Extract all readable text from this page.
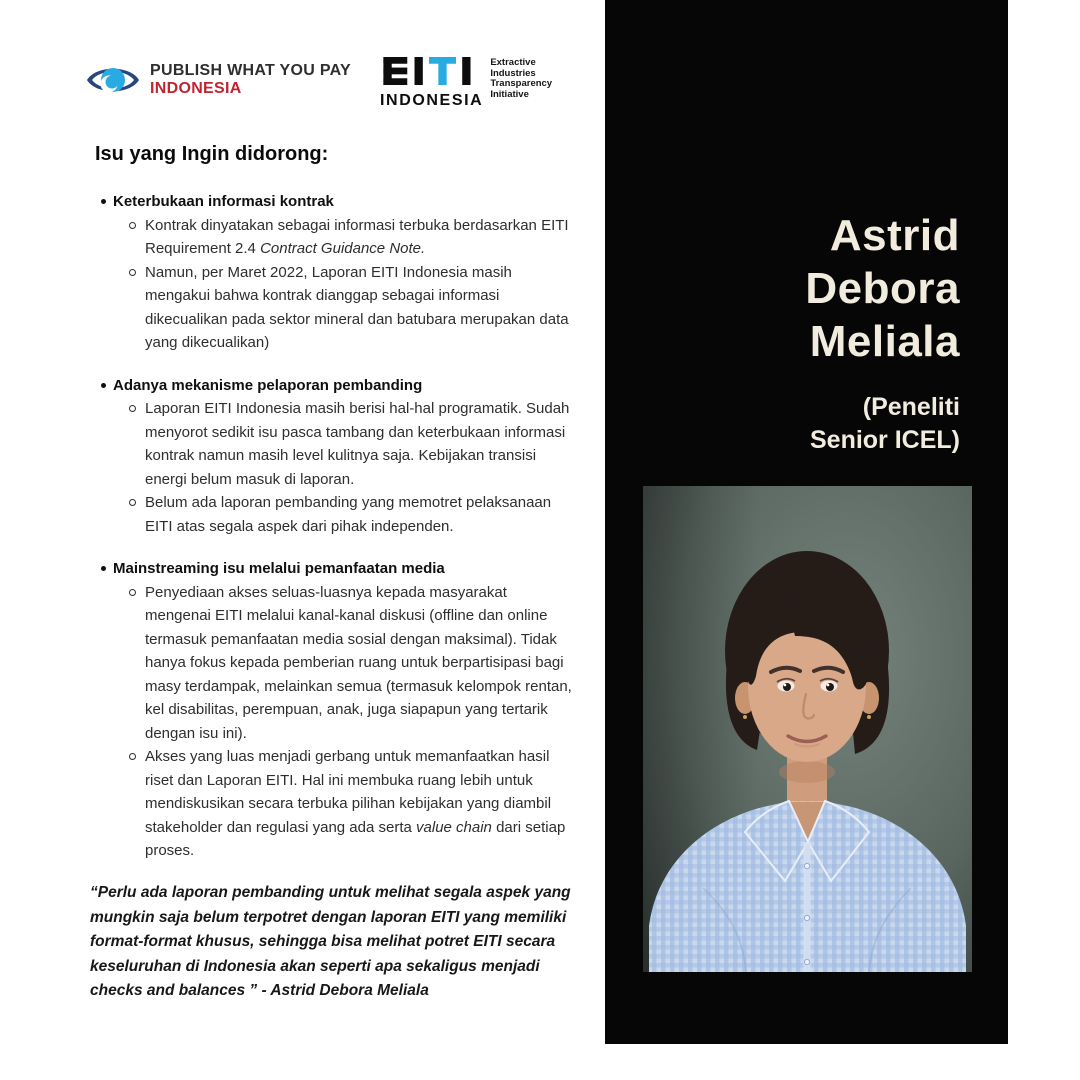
PUBLISH WHAT YOU PAY
INDONESIA
INDONESIA
Extractive
Industries
Transparency
Initiative
Isu yang Ingin didorong:
Keterbukaan informasi kontrak
Kontrak dinyatakan sebagai informasi terbuka berdasarkan EITI Requirement 2.4 Contract Guidance Note.
Namun, per Maret 2022, Laporan EITI Indonesia masih mengakui bahwa kontrak dianggap sebagai informasi dikecualikan pada sektor mineral dan batubara merupakan data yang dikecualikan)
Adanya mekanisme pelaporan pembanding
Laporan EITI Indonesia masih berisi hal-hal programatik. Sudah menyorot sedikit isu pasca tambang dan keterbukaan informasi kontrak namun masih level kulitnya saja. Kebijakan transisi energi belum masuk di laporan.
Belum ada laporan pembanding yang memotret pelaksanaan EITI atas segala aspek dari pihak independen.
Mainstreaming isu melalui pemanfaatan media
Penyediaan akses seluas-luasnya kepada masyarakat mengenai EITI melalui kanal-kanal diskusi (offline dan online termasuk pemanfaatan media sosial dengan maksimal). Tidak hanya fokus kepada pemberian ruang untuk berpartisipasi bagi masy terdampak, melainkan semua (termasuk kelompok rentan, kel disabilitas, perempuan, anak, juga siapapun yang tertarik dengan isu ini).
Akses yang luas menjadi gerbang untuk memanfaatkan hasil riset dan Laporan EITI. Hal ini membuka ruang lebih untuk mendiskusikan secara terbuka pilihan kebijakan yang diambil stakeholder dan regulasi yang ada serta value chain dari setiap proses.

“Perlu ada laporan pembanding untuk melihat segala aspek yang mungkin saja belum terpotret dengan laporan EITI yang memiliki format-format khusus, sehingga bisa melihat potret EITI secara keseluruhan di Indonesia akan seperti apa sekaligus menjadi checks and balances ” - Astrid Debora Meliala

Astrid
Debora
Meliala
(Peneliti
Senior ICEL)
